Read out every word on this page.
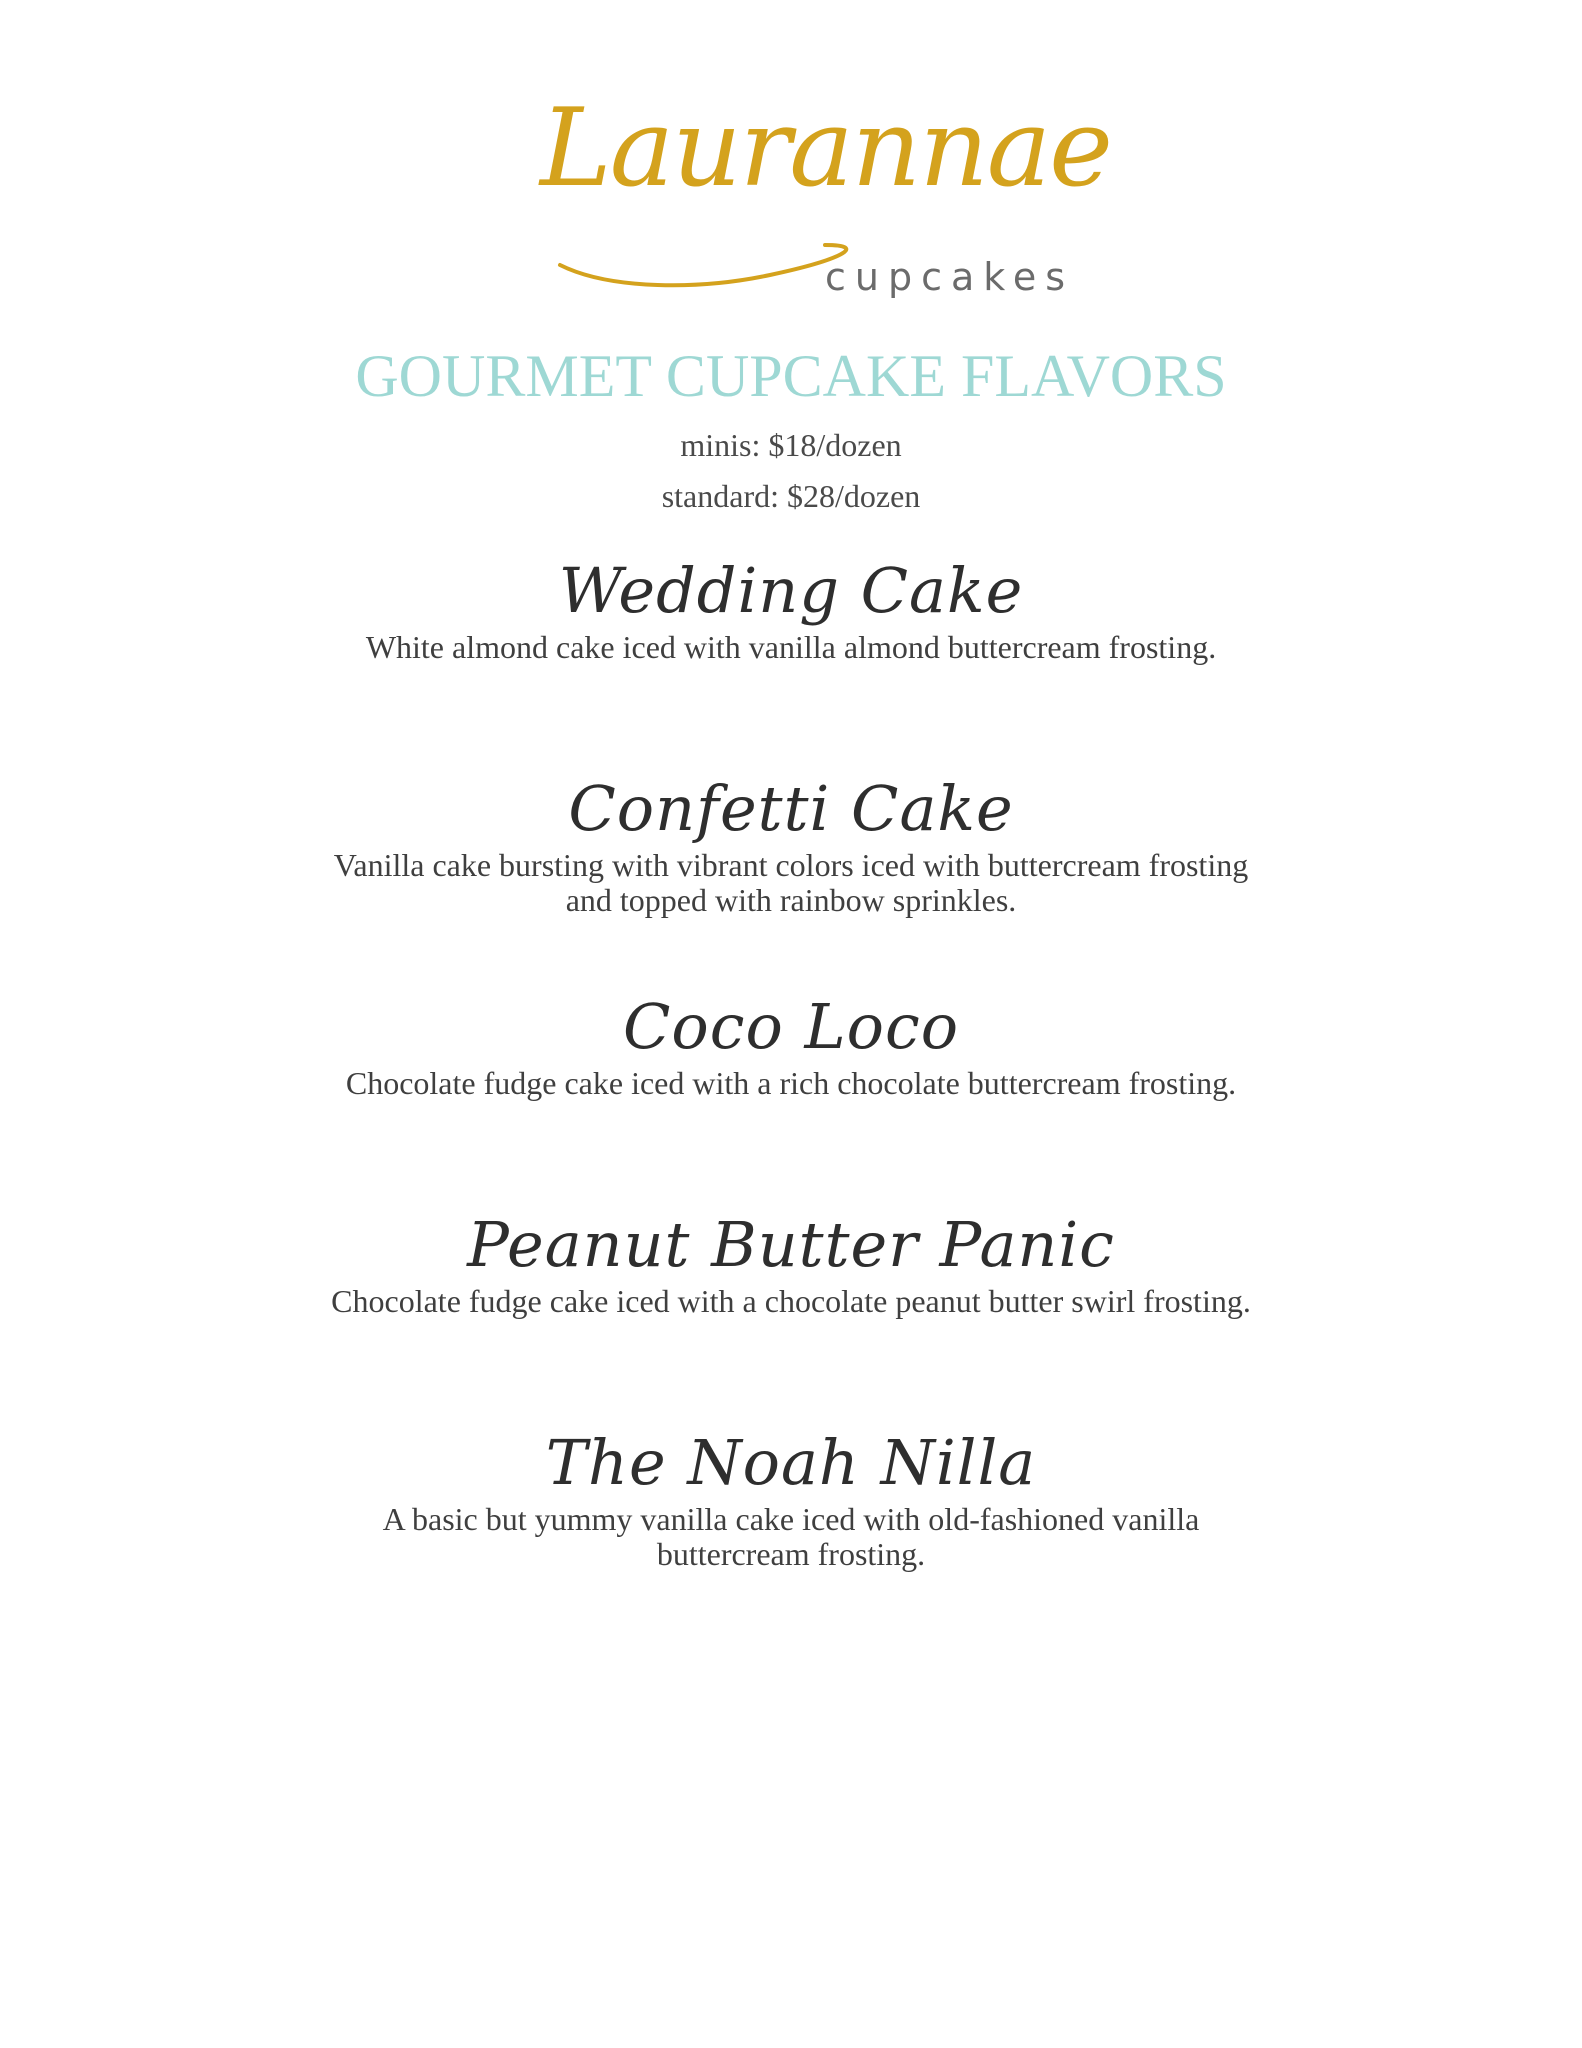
Laurannae
cupcakes
GOURMET CUPCAKE FLAVORS
minis: $18/dozen
standard: $28/dozen
Wedding Cake
White almond cake iced with vanilla almond buttercream frosting.
Confetti Cake
Vanilla cake bursting with vibrant colors iced with buttercream frosting and topped with rainbow sprinkles.
Coco Loco
Chocolate fudge cake iced with a rich chocolate buttercream frosting.
Peanut Butter Panic
Chocolate fudge cake iced with a chocolate peanut butter swirl frosting.
The Noah Nilla
A basic but yummy vanilla cake iced with old-fashioned vanilla buttercream frosting.
